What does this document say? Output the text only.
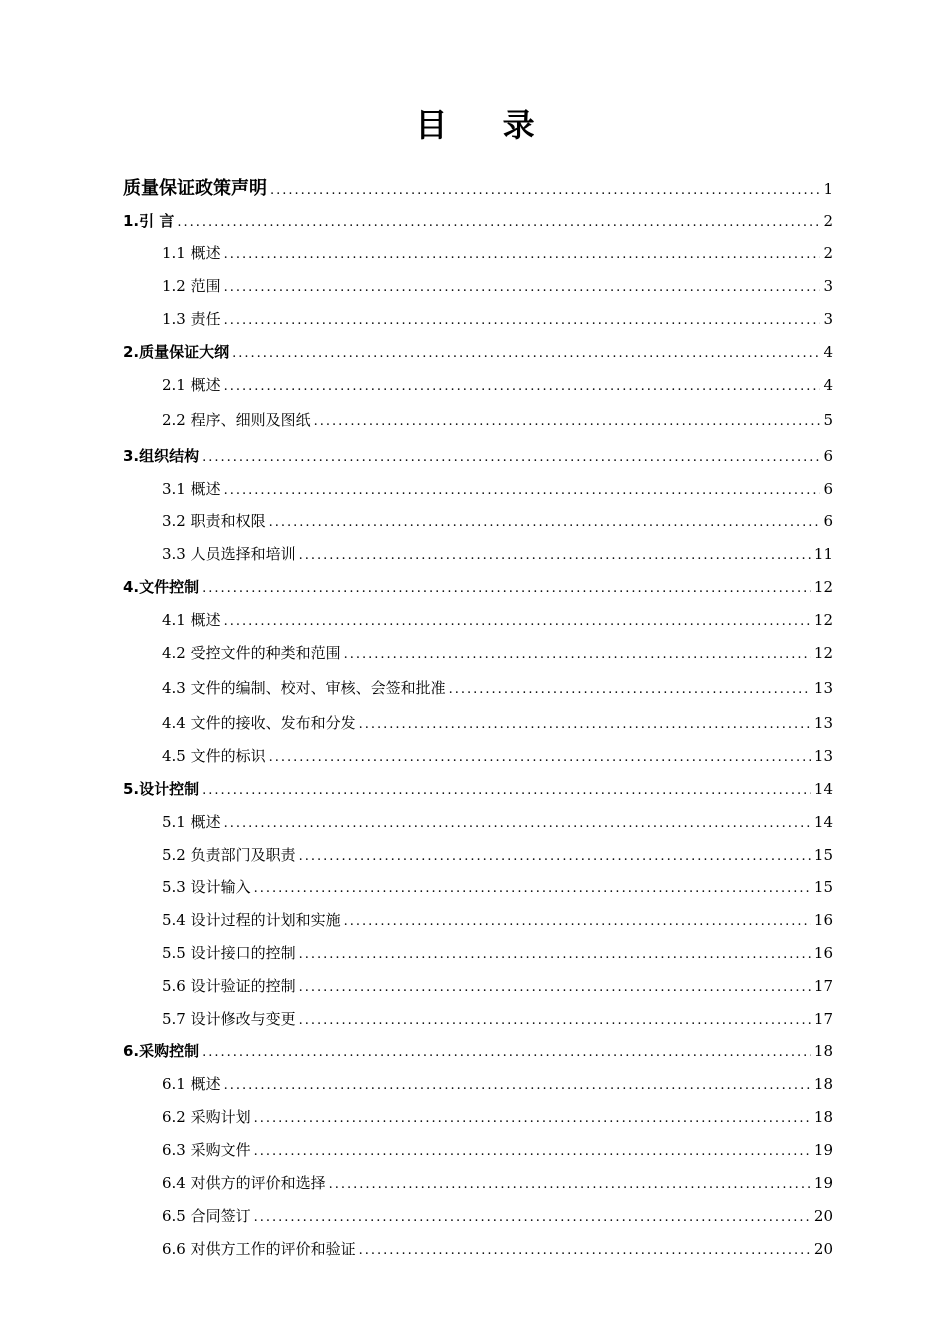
目 录
质量保证政策声明 .....	1
1.引 言 .....	2
1.1 概述 .....	2
1.2 范围 .....	3
1.3 责任 .....	3
2.质量保证大纲 .....	4
2.1 概述 .....	4
2.2 程序、细则及图纸 .....	5
3.组织结构 .....	6
3.1 概述 .....	6
3.2 职责和权限 .....	6
3.3 人员选择和培训 .....	11
4.文件控制 .....	12
4.1 概述 .....	12
4.2 受控文件的种类和范围 .....	12
4.3 文件的编制、校对、审核、会签和批准 .....	13
4.4 文件的接收、发布和分发 .....	13
4.5 文件的标识 .....	13
5.设计控制 .....	14
5.1 概述 .....	14
5.2 负责部门及职责 .....	15
5.3 设计输入 .....	15
5.4 设计过程的计划和实施 .....	16
5.5 设计接口的控制 .....	16
5.6 设计验证的控制 .....	17
5.7 设计修改与变更 .....	17
6.采购控制 .....	18
6.1 概述 .....	18
6.2 采购计划 .....	18
6.3 采购文件 .....	19
6.4 对供方的评价和选择 .....	19
6.5 合同签订 .....	20
6.6 对供方工作的评价和验证 .....	20
